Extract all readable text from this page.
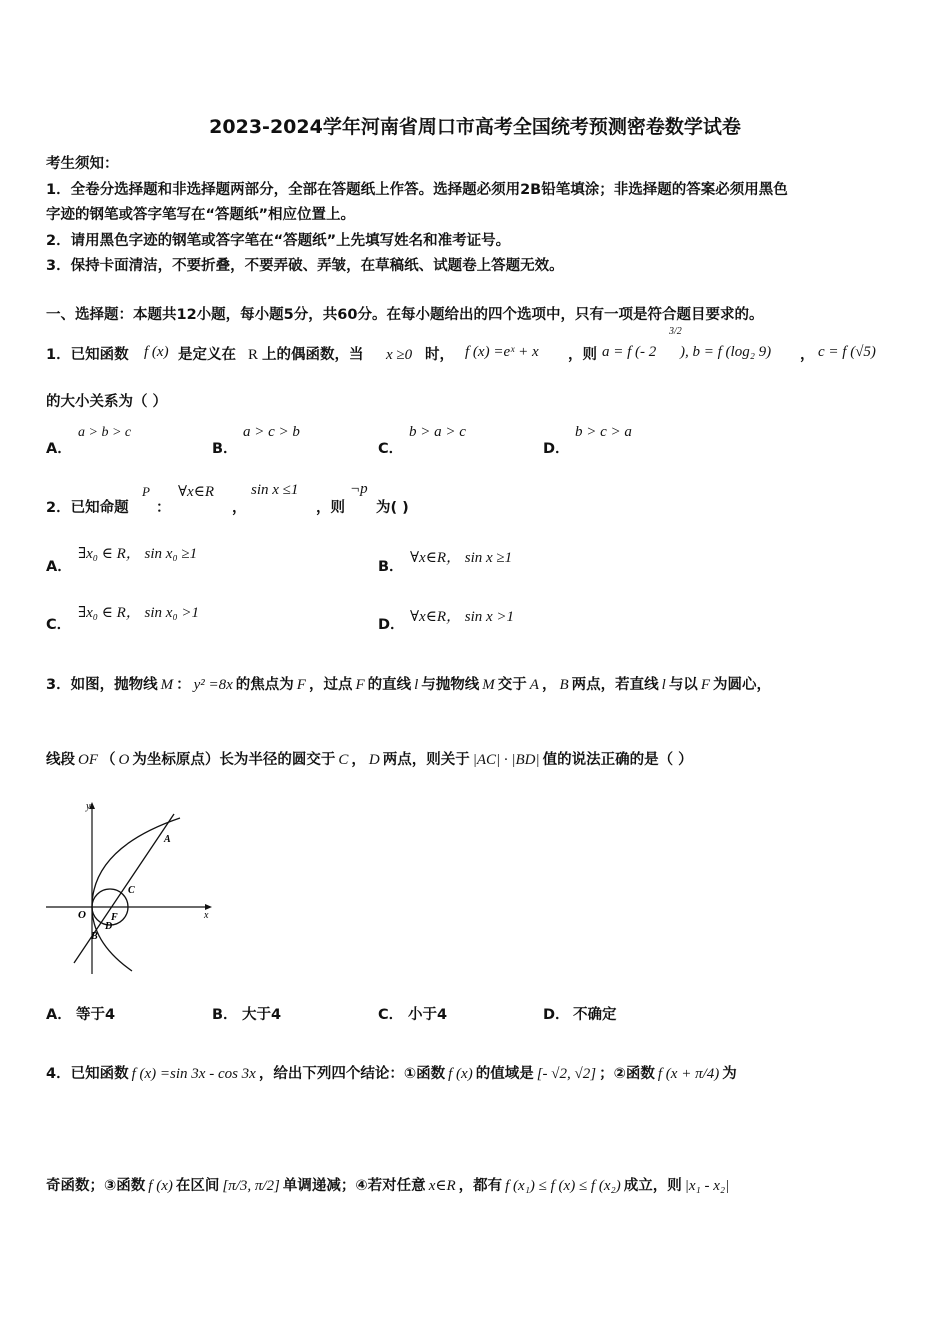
2023-2024学年河南省周口市高考全国统考预测密卷数学试卷
考生须知：
1．全卷分选择题和非选择题两部分，全部在答题纸上作答。选择题必须用2B铅笔填涂；非选择题的答案必须用黑色
字迹的钢笔或答字笔写在“答题纸”相应位置上。
2．请用黑色字迹的钢笔或答字笔在“答题纸”上先填写姓名和准考证号。
3．保持卡面清洁，不要折叠，不要弄破、弄皱，在草稿纸、试题卷上答题无效。
一、选择题：本题共12小题，每小题5分，共60分。在每小题给出的四个选项中，只有一项是符合题目要求的。
1．已知函数 f (x) 是定义在 R 上的偶函数，当 x ≥0 时， f (x) =eˣ + x ，则 a = f (- 2
3/2
), b = f (log₂ 9) ， c = f (√5)
的大小关系为（ ）
A．
a > b > c
B．
a > c > b
C．
b > a > c
D．
b > c > a
2．已知命题
P
：
∀x∈R
，
sin x ≤1
，则
¬p
为( )
A．
∃x₀ ∈ R， sin x₀ ≥1
B．
∀x∈R， sin x ≥1
C．
∃x₀ ∈ R， sin x₀ >1
D． ∀x∈R， sin x >1
3．如图，抛物线 M ： y² =8x 的焦点为 F ，过点 F 的直线 l 与抛物线 M 交于 A ， B 两点，若直线 l 与以 F 为圆心，
线段 OF （ O 为坐标原点）长为半径的圆交于 C ， D 两点，则关于 |AC| · |BD| 值的说法正确的是（ ）
y
x
O	F
A
C
D
B
A． 等于4	B． 大于4	C． 小于4	D． 不确定
4．已知函数 f (x) =sin 3x - cos 3x ，给出下列四个结论：①函数 f (x) 的值域是 [- √2, √2] ；②函数 f (x + π/4) 为
奇函数；③函数 f (x) 在区间 [π/3, π/2] 单调递减；④若对任意 x∈R ，都有 f (x₁) ≤ f (x) ≤ f (x₂) 成立，则 |x₁ - x₂|
